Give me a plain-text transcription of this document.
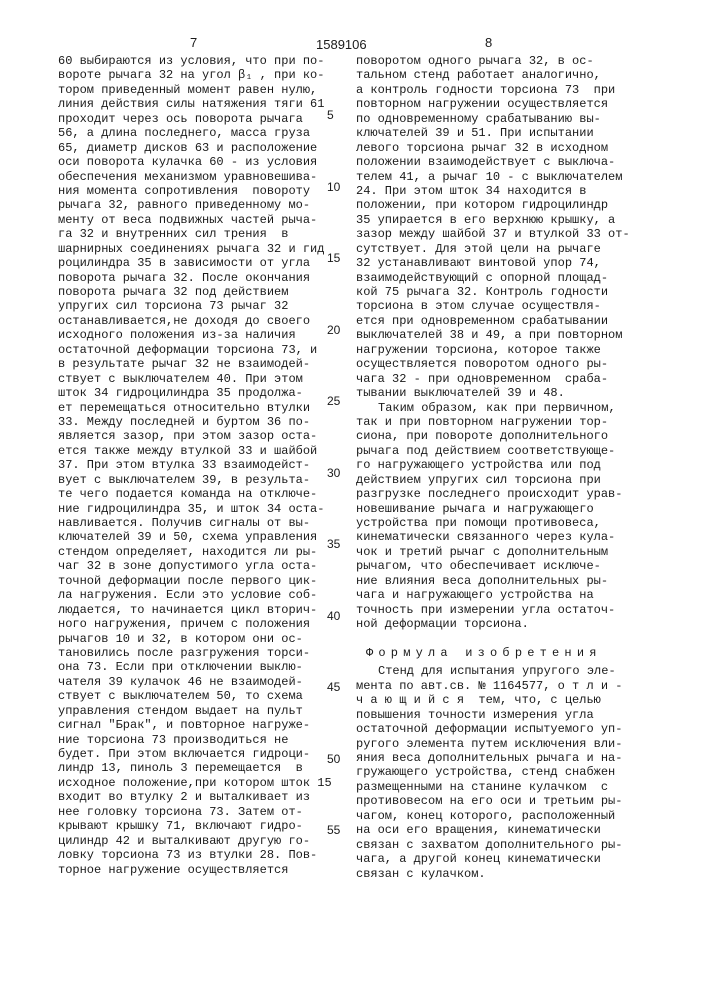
7	1589106	8
60 выбираются из условия, что при по-
вороте рычага 32 на угол β₁ , при ко-
тором приведенный момент равен нулю,
линия действия силы натяжения тяги 61
проходит через ось поворота рычага
56, а длина последнего, масса груза
65, диаметр дисков 63 и расположение
оси поворота кулачка 60 - из условия
обеспечения механизмом уравновешива-
ния момента сопротивления  повороту
рычага 32, равного приведенному мо-
менту от веса подвижных частей рыча-
га 32 и внутренних сил трения  в
шарнирных соединениях рычага 32 и гид
роцилиндра 35 в зависимости от угла
поворота рычага 32. После окончания
поворота рычага 32 под действием
упругих сил торсиона 73 рычаг 32
останавливается,не доходя до своего
исходного положения из-за наличия
остаточной деформации торсиона 73, и
в результате рычаг 32 не взаимодей-
ствует с выключателем 40. При этом
шток 34 гидроцилиндра 35 продолжа-
ет перемещаться относительно втулки
33. Между последней и буртом 36 по-
является зазор, при этом зазор оста-
ется также между втулкой 33 и шайбой
37. При этом втулка 33 взаимодейст-
вует с выключателем 39, в результа-
те чего подается команда на отключе-
ние гидроцилиндра 35, и шток 34 оста-
навливается. Получив сигналы от вы-
ключателей 39 и 50, схема управления
стендом определяет, находится ли ры-
чаг 32 в зоне допустимого угла оста-
точной деформации после первого цик-
ла нагружения. Если это условие соб-
людается, то начинается цикл вторич-
ного нагружения, причем с положения
рычагов 10 и 32, в котором они ос-
тановились после разгружения торси-
она 73. Если при отключении выклю-
чателя 39 кулачок 46 не взаимодей-
ствует с выключателем 50, то схема
управления стендом выдает на пульт
сигнал "Брак", и повторное нагруже-
ние торсиона 73 производиться не
будет. При этом включается гидроци-
линдр 13, пиноль 3 перемещается  в
исходное положение,при котором шток 15
входит во втулку 2 и выталкивает из
нее головку торсиона 73. Затем от-
крывают крышку 71, включают гидро-
цилиндр 42 и выталкивают другую го-
ловку торсиона 73 из втулки 28. Пов-
торное нагружение осуществляется
5
10
15
20
25
30
35
40
45
50
55
поворотом одного рычага 32, в ос-
тальном стенд работает аналогично,
а контроль годности торсиона 73  при
повторном нагружении осуществляется
по одновременному срабатыванию вы-
ключателей 39 и 51. При испытании
левого торсиона рычаг 32 в исходном
положении взаимодействует с выключа-
телем 41, а рычаг 10 - с выключателем
24. При этом шток 34 находится в
положении, при котором гидроцилиндр
35 упирается в его верхнюю крышку, а
зазор между шайбой 37 и втулкой 33 от-
сутствует. Для этой цели на рычаге
32 устанавливают винтовой упор 74,
взаимодействующий с опорной площад-
кой 75 рычага 32. Контроль годности
торсиона в этом случае осуществля-
ется при одновременном срабатывании
выключателей 38 и 49, а при повторном
нагружении торсиона, которое также
осуществляется поворотом одного ры-
чага 32 - при одновременном  сраба-
тывании выключателей 39 и 48.
Таким образом, как при первичном,
так и при повторном нагружении тор-
сиона, при повороте дополнительного
рычага под действием соответствующе-
го нагружающего устройства или под
действием упругих сил торсиона при
разгрузке последнего происходит урав-
новешивание рычага и нагружающего
устройства при помощи противовеса,
кинематически связанного через кула-
чок и третий рычаг с дополнительным
рычагом, что обеспечивает исключе-
ние влияния веса дополнительных ры-
чага и нагружающего устройства на
точность при измерении угла остаточ-
ной деформации торсиона.
Формула изобретения
Стенд для испытания упругого эле-
мента по авт.св. № 1164577, о т л и -
ч а ю щ и й с я  тем, что, с целью
повышения точности измерения угла
остаточной деформации испытуемого уп-
ругого элемента путем исключения вли-
яния веса дополнительных рычага и на-
гружающего устройства, стенд снабжен
размещенными на станине кулачком  с
противовесом на его оси и третьим ры-
чагом, конец которого, расположенный
на оси его вращения, кинематически
связан с захватом дополнительного ры-
чага, а другой конец кинематически
связан с кулачком.
